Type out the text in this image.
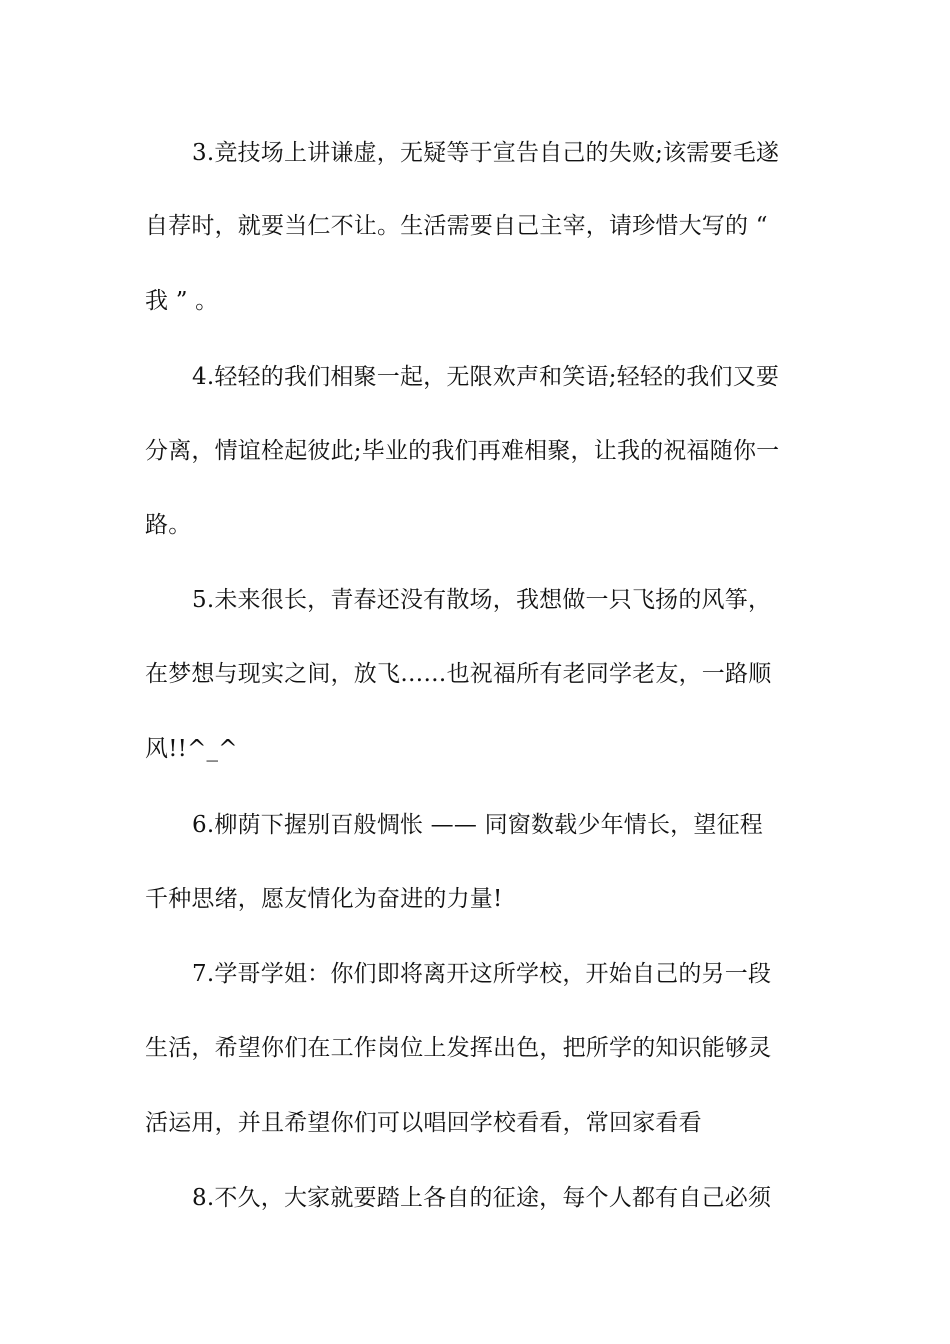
3.竞技场上讲谦虚，无疑等于宣告自己的失败;该需要毛遂
自荐时，就要当仁不让。生活需要自己主宰，请珍惜大写的 “
我 ” 。
4.轻轻的我们相聚一起，无限欢声和笑语;轻轻的我们又要
分离，情谊栓起彼此;毕业的我们再难相聚，让我的祝福随你一
路。
5.未来很长，青春还没有散场，我想做一只飞扬的风筝，
在梦想与现实之间，放飞……也祝福所有老同学老友，一路顺
风!!^_^
6.柳荫下握别百般惆怅 —— 同窗数载少年情长，望征程
千种思绪，愿友情化为奋进的力量!
7.学哥学姐：你们即将离开这所学校，开始自己的另一段
生活，希望你们在工作岗位上发挥出色，把所学的知识能够灵
活运用，并且希望你们可以唱回学校看看，常回家看看
8.不久，大家就要踏上各自的征途，每个人都有自己必须
